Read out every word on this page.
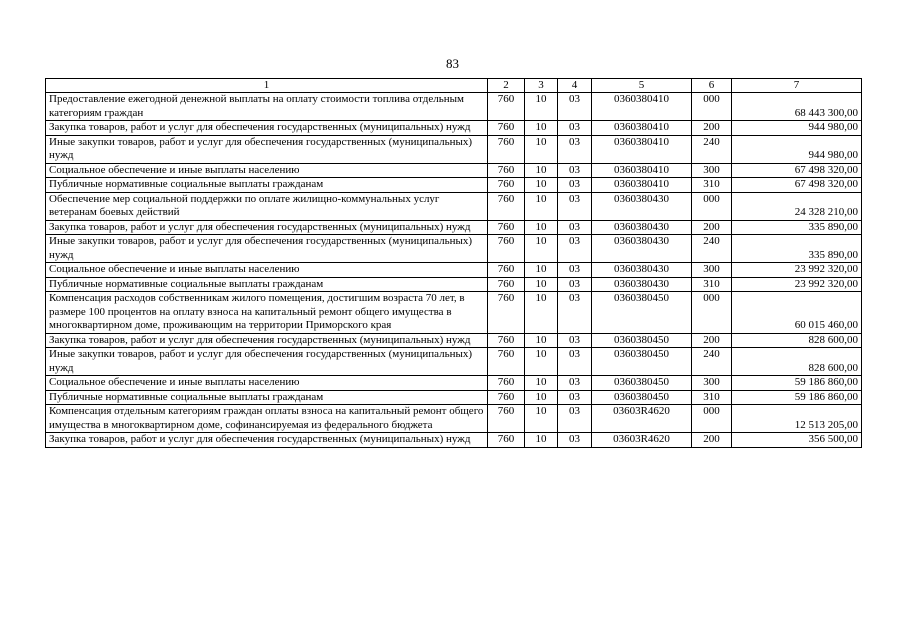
83
1	2	3	4	5	6	7
Предоставление ежегодной денежной выплаты на оплату стоимости топлива отдельным категориям граждан	760	10	03	0360380410	000	68 443 300,00
Закупка товаров, работ и услуг для обеспечения государственных (муниципальных) нужд	760	10	03	0360380410	200	944 980,00
Иные закупки товаров, работ и услуг для обеспечения государственных (муниципальных) нужд	760	10	03	0360380410	240	944 980,00
Социальное обеспечение и иные выплаты населению	760	10	03	0360380410	300	67 498 320,00
Публичные нормативные социальные выплаты гражданам	760	10	03	0360380410	310	67 498 320,00
Обеспечение мер социальной поддержки по оплате жилищно-коммунальных услуг ветеранам боевых действий	760	10	03	0360380430	000	24 328 210,00
Закупка товаров, работ и услуг для обеспечения государственных (муниципальных) нужд	760	10	03	0360380430	200	335 890,00
Иные закупки товаров, работ и услуг для обеспечения государственных (муниципальных) нужд	760	10	03	0360380430	240	335 890,00
Социальное обеспечение и иные выплаты населению	760	10	03	0360380430	300	23 992 320,00
Публичные нормативные социальные выплаты гражданам	760	10	03	0360380430	310	23 992 320,00
Компенсация расходов собственникам жилого помещения, достигшим возраста 70 лет, в размере 100 процентов на оплату взноса на капитальный ремонт общего имущества в многоквартирном доме, проживающим на территории Приморского края	760	10	03	0360380450	000	60 015 460,00
Закупка товаров, работ и услуг для обеспечения государственных (муниципальных) нужд	760	10	03	0360380450	200	828 600,00
Иные закупки товаров, работ и услуг для обеспечения государственных (муниципальных) нужд	760	10	03	0360380450	240	828 600,00
Социальное обеспечение и иные выплаты населению	760	10	03	0360380450	300	59 186 860,00
Публичные нормативные социальные выплаты гражданам	760	10	03	0360380450	310	59 186 860,00
Компенсация отдельным категориям граждан оплаты взноса на капитальный ремонт общего имущества в многоквартирном доме, софинансируемая из федерального бюджета	760	10	03	03603R4620	000	12 513 205,00
Закупка товаров, работ и услуг для обеспечения государственных (муниципальных) нужд	760	10	03	03603R4620	200	356 500,00
